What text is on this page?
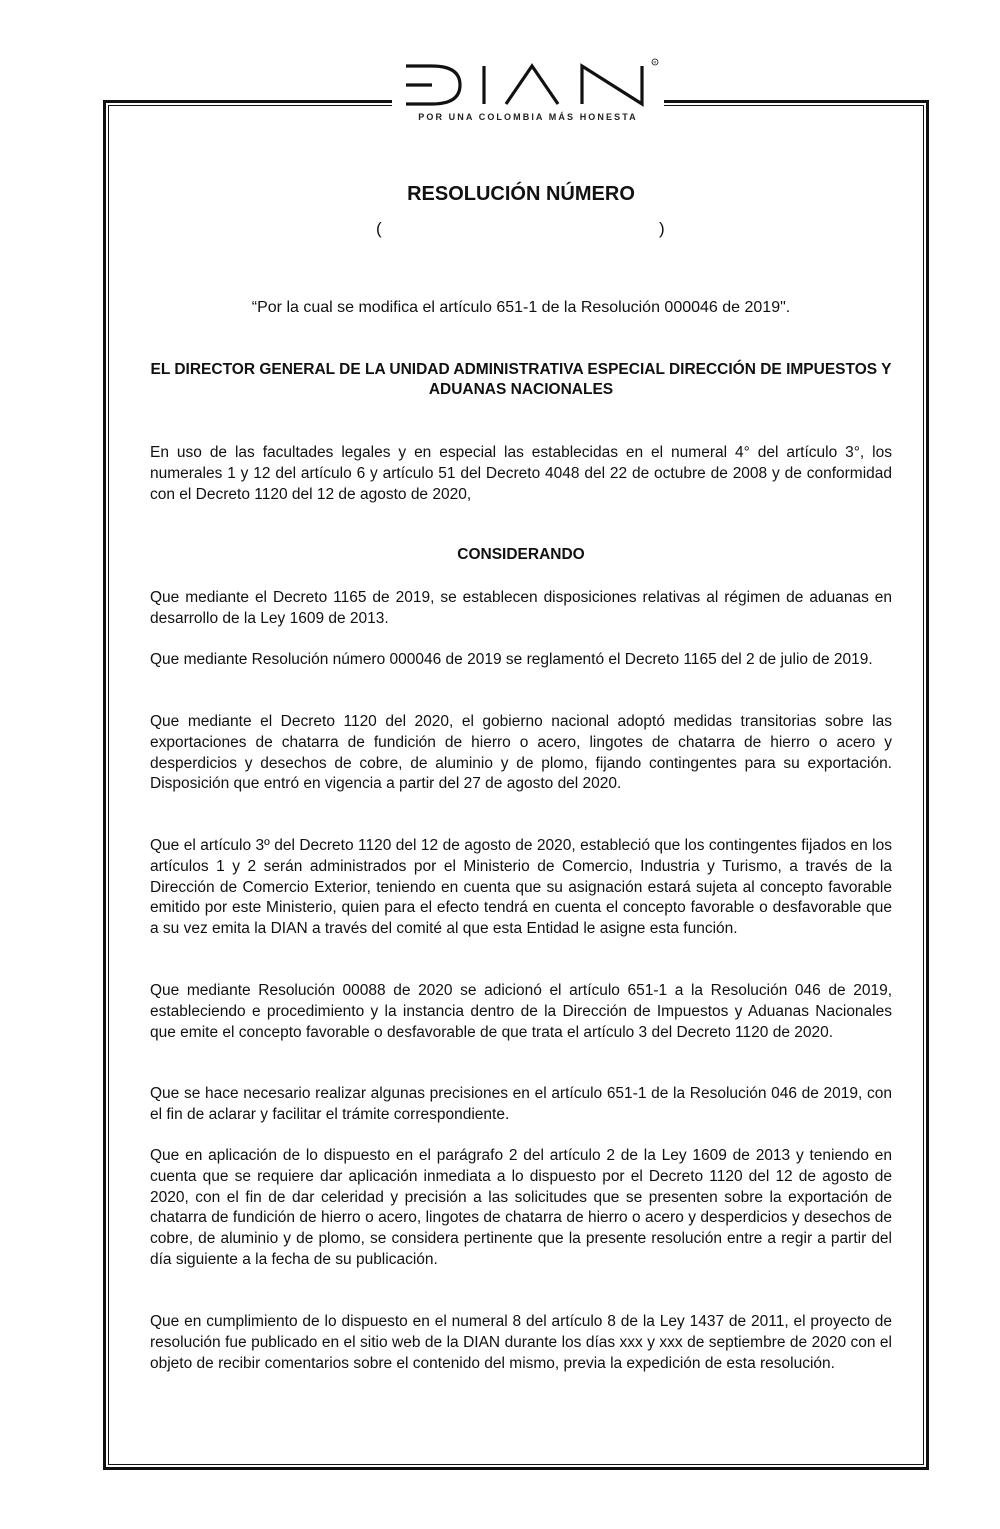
R
POR UNA COLOMBIA MÁS HONESTA
RESOLUCIÓN NÚMERO
(	)
“Por la cual se modifica el artículo 651-1 de la Resolución 000046 de 2019".
EL DIRECTOR GENERAL DE LA UNIDAD ADMINISTRATIVA ESPECIAL DIRECCIÓN DE IMPUESTOS Y ADUANAS NACIONALES
En uso de las facultades legales y en especial las establecidas en el numeral 4° del artículo 3°, los numerales 1 y 12 del artículo 6 y artículo 51 del Decreto 4048 del 22 de octubre de 2008 y de conformidad con el Decreto 1120 del 12 de agosto de 2020,
CONSIDERANDO
Que mediante el Decreto 1165 de 2019, se establecen disposiciones relativas al régimen de aduanas en desarrollo de la Ley 1609 de 2013.
Que mediante Resolución número 000046 de 2019 se reglamentó el Decreto 1165 del 2 de julio de 2019.
Que mediante el Decreto 1120 del 2020, el gobierno nacional adoptó medidas transitorias sobre las exportaciones de chatarra de fundición de hierro o acero, lingotes de chatarra de hierro o acero y desperdicios y desechos de cobre, de aluminio y de plomo, fijando contingentes para su exportación. Disposición que entró en vigencia a partir del 27 de agosto del 2020.
Que el artículo 3º del Decreto 1120 del 12 de agosto de 2020, estableció que los contingentes fijados en los artículos 1 y 2 serán administrados por el Ministerio de Comercio, Industria y Turismo, a través de la Dirección de Comercio Exterior, teniendo en cuenta que su asignación estará sujeta al concepto favorable emitido por este Ministerio, quien para el efecto tendrá en cuenta el concepto favorable o desfavorable que a su vez emita la DIAN a través del comité al que esta Entidad le asigne esta función.
Que mediante Resolución 00088 de 2020 se adicionó el artículo 651-1 a la Resolución 046 de 2019, estableciendo e procedimiento y la instancia dentro de la Dirección de Impuestos y Aduanas Nacionales que emite el concepto favorable o desfavorable de que trata el artículo 3 del Decreto 1120 de 2020.
Que se hace necesario realizar algunas precisiones en el artículo 651-1 de la Resolución 046 de 2019, con el fin de aclarar y facilitar el trámite correspondiente.
Que en aplicación de lo dispuesto en el parágrafo 2 del artículo 2 de la Ley 1609 de 2013 y teniendo en cuenta que se requiere dar aplicación inmediata a lo dispuesto por el Decreto 1120 del 12 de agosto de 2020, con el fin de dar celeridad y precisión a las solicitudes que se presenten sobre la exportación de chatarra de fundición de hierro o acero, lingotes de chatarra de hierro o acero y desperdicios y desechos de cobre, de aluminio y de plomo, se considera pertinente que la presente resolución entre a regir a partir del día siguiente a la fecha de su publicación.
Que en cumplimiento de lo dispuesto en el numeral 8 del artículo 8 de la Ley 1437 de 2011, el proyecto de resolución fue publicado en el sitio web de la DIAN durante los días xxx y xxx de septiembre de 2020 con el objeto de recibir comentarios sobre el contenido del mismo, previa la expedición de esta resolución.
